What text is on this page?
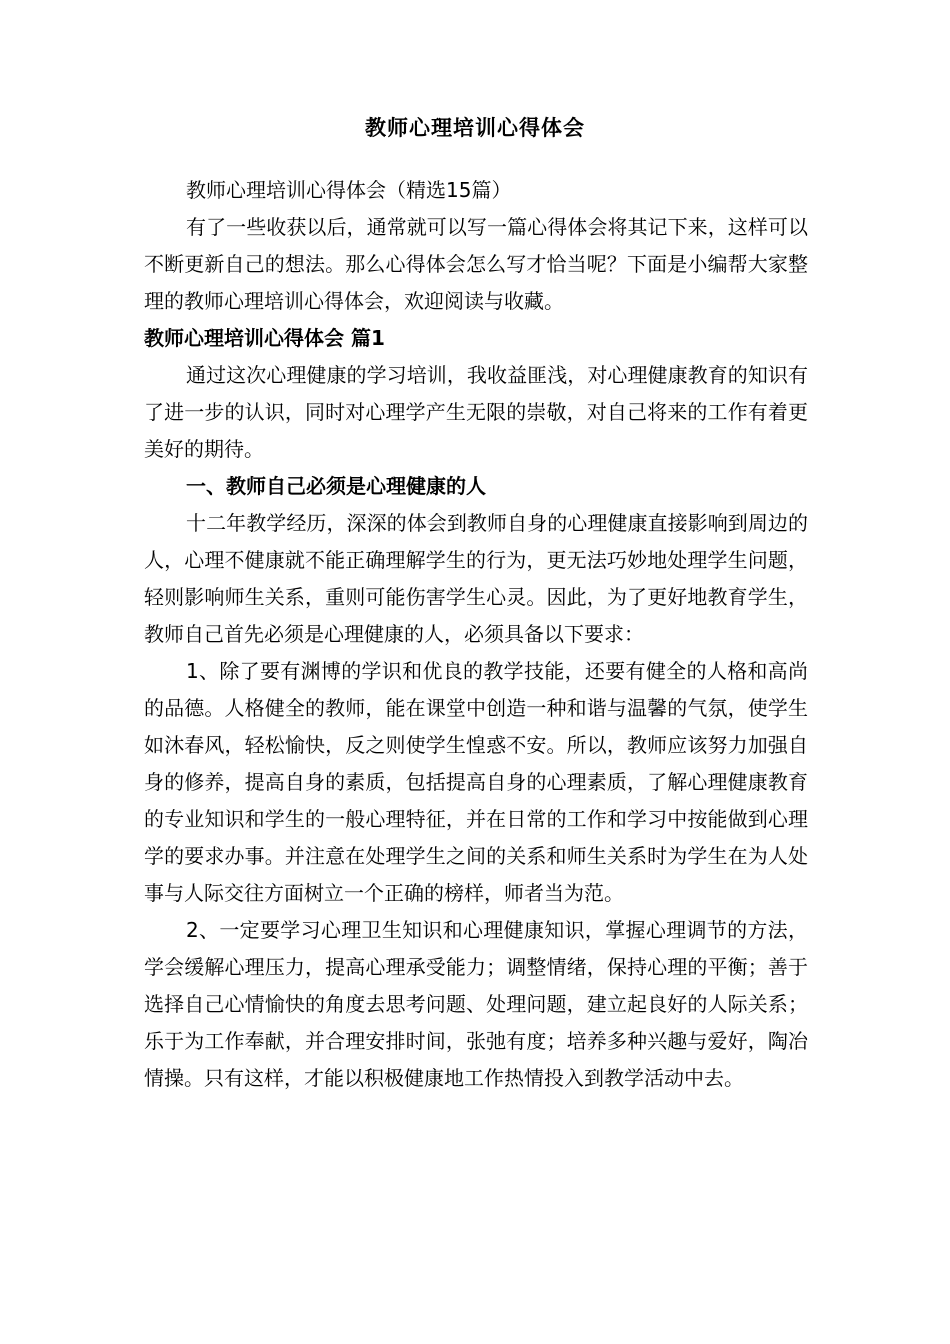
教师心理培训心得体会

教师心理培训心得体会（精选15篇）

有了一些收获以后，通常就可以写一篇心得体会将其记下来，这样可以不断更新自己的想法。那么心得体会怎么写才恰当呢？下面是小编帮大家整理的教师心理培训心得体会，欢迎阅读与收藏。

教师心理培训心得体会 篇1

通过这次心理健康的学习培训，我收益匪浅，对心理健康教育的知识有了进一步的认识，同时对心理学产生无限的崇敬，对自己将来的工作有着更美好的期待。

一、教师自己必须是心理健康的人

十二年教学经历，深深的体会到教师自身的心理健康直接影响到周边的人，心理不健康就不能正确理解学生的行为，更无法巧妙地处理学生问题，轻则影响师生关系，重则可能伤害学生心灵。因此，为了更好地教育学生，教师自己首先必须是心理健康的人，必须具备以下要求：

1、除了要有渊博的学识和优良的教学技能，还要有健全的人格和高尚的品德。人格健全的教师，能在课堂中创造一种和谐与温馨的气氛，使学生如沐春风，轻松愉快，反之则使学生惶惑不安。所以，教师应该努力加强自身的修养，提高自身的素质，包括提高自身的心理素质，了解心理健康教育的专业知识和学生的一般心理特征，并在日常的工作和学习中按能做到心理学的要求办事。并注意在处理学生之间的关系和师生关系时为学生在为人处事与人际交往方面树立一个正确的榜样，师者当为范。

2、一定要学习心理卫生知识和心理健康知识，掌握心理调节的方法，学会缓解心理压力，提高心理承受能力；调整情绪，保持心理的平衡；善于选择自己心情愉快的角度去思考问题、处理问题，建立起良好的人际关系；乐于为工作奉献，并合理安排时间，张弛有度；培养多种兴趣与爱好，陶冶情操。只有这样，才能以积极健康地工作热情投入到教学活动中去。
